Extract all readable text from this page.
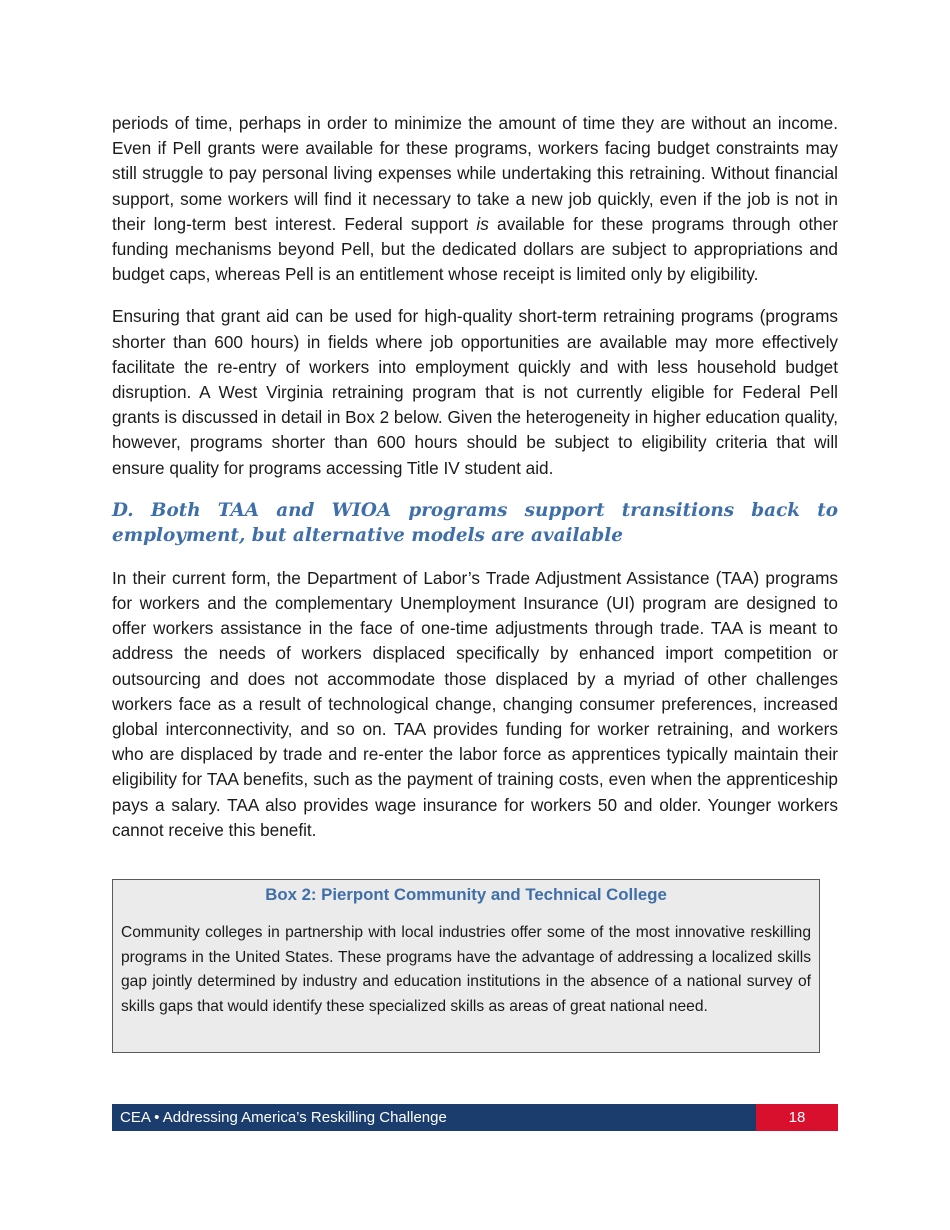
periods of time, perhaps in order to minimize the amount of time they are without an income. Even if Pell grants were available for these programs, workers facing budget constraints may still struggle to pay personal living expenses while undertaking this retraining. Without financial support, some workers will find it necessary to take a new job quickly, even if the job is not in their long-term best interest. Federal support is available for these programs through other funding mechanisms beyond Pell, but the dedicated dollars are subject to appropriations and budget caps, whereas Pell is an entitlement whose receipt is limited only by eligibility.

Ensuring that grant aid can be used for high-quality short-term retraining programs (programs shorter than 600 hours) in fields where job opportunities are available may more effectively facilitate the re-entry of workers into employment quickly and with less household budget disruption. A West Virginia retraining program that is not currently eligible for Federal Pell grants is discussed in detail in Box 2 below. Given the heterogeneity in higher education quality, however, programs shorter than 600 hours should be subject to eligibility criteria that will ensure quality for programs accessing Title IV student aid.

D. Both TAA and WIOA programs support transitions back to employment, but alternative models are available

In their current form, the Department of Labor’s Trade Adjustment Assistance (TAA) programs for workers and the complementary Unemployment Insurance (UI) program are designed to offer workers assistance in the face of one-time adjustments through trade. TAA is meant to address the needs of workers displaced specifically by enhanced import competition or outsourcing and does not accommodate those displaced by a myriad of other challenges workers face as a result of technological change, changing consumer preferences, increased global interconnectivity, and so on. TAA provides funding for worker retraining, and workers who are displaced by trade and re-enter the labor force as apprentices typically maintain their eligibility for TAA benefits, such as the payment of training costs, even when the apprenticeship pays a salary. TAA also provides wage insurance for workers 50 and older. Younger workers cannot receive this benefit.

Box 2: Pierpont Community and Technical College
Community colleges in partnership with local industries offer some of the most innovative reskilling programs in the United States. These programs have the advantage of addressing a localized skills gap jointly determined by industry and education institutions in the absence of a national survey of skills gaps that would identify these specialized skills as areas of great national need.
CEA • Addressing America’s Reskilling Challenge	18
